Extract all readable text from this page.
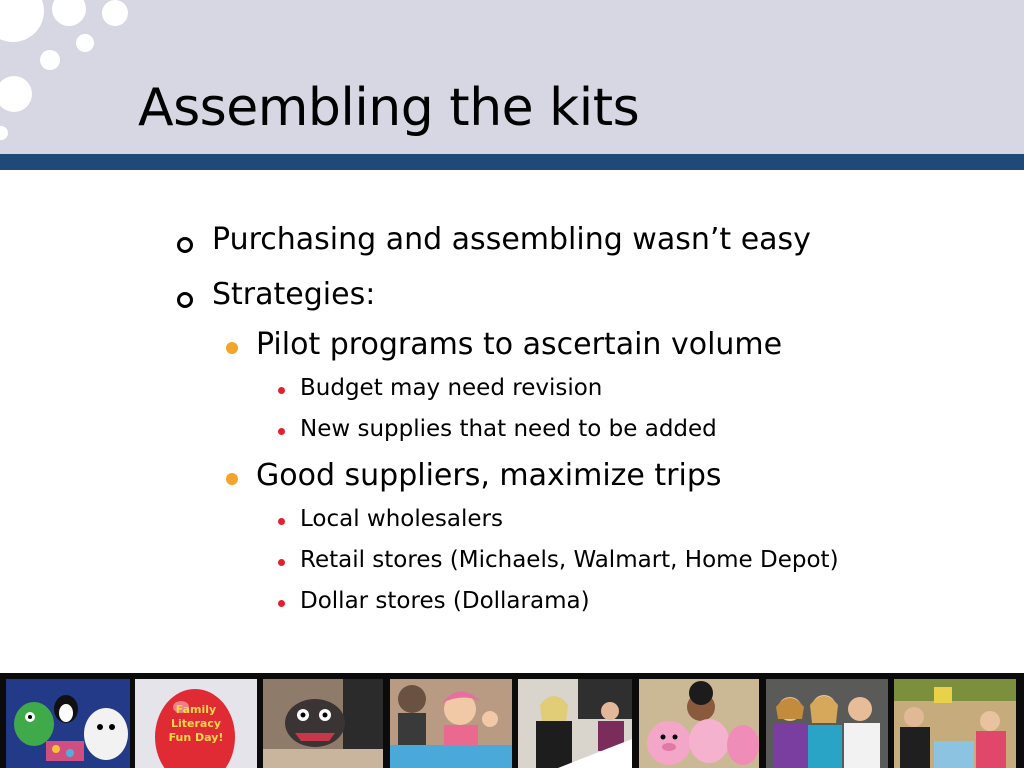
Assembling the kits
Purchasing and assembling wasn’t easy
Strategies:
Pilot programs to ascertain volume
Budget may need revision
New supplies that need to be added
Good suppliers, maximize trips
Local wholesalers
Retail stores (Michaels, Walmart, Home Depot)
Dollar stores (Dollarama)
Family
Literacy
Fun Day!
